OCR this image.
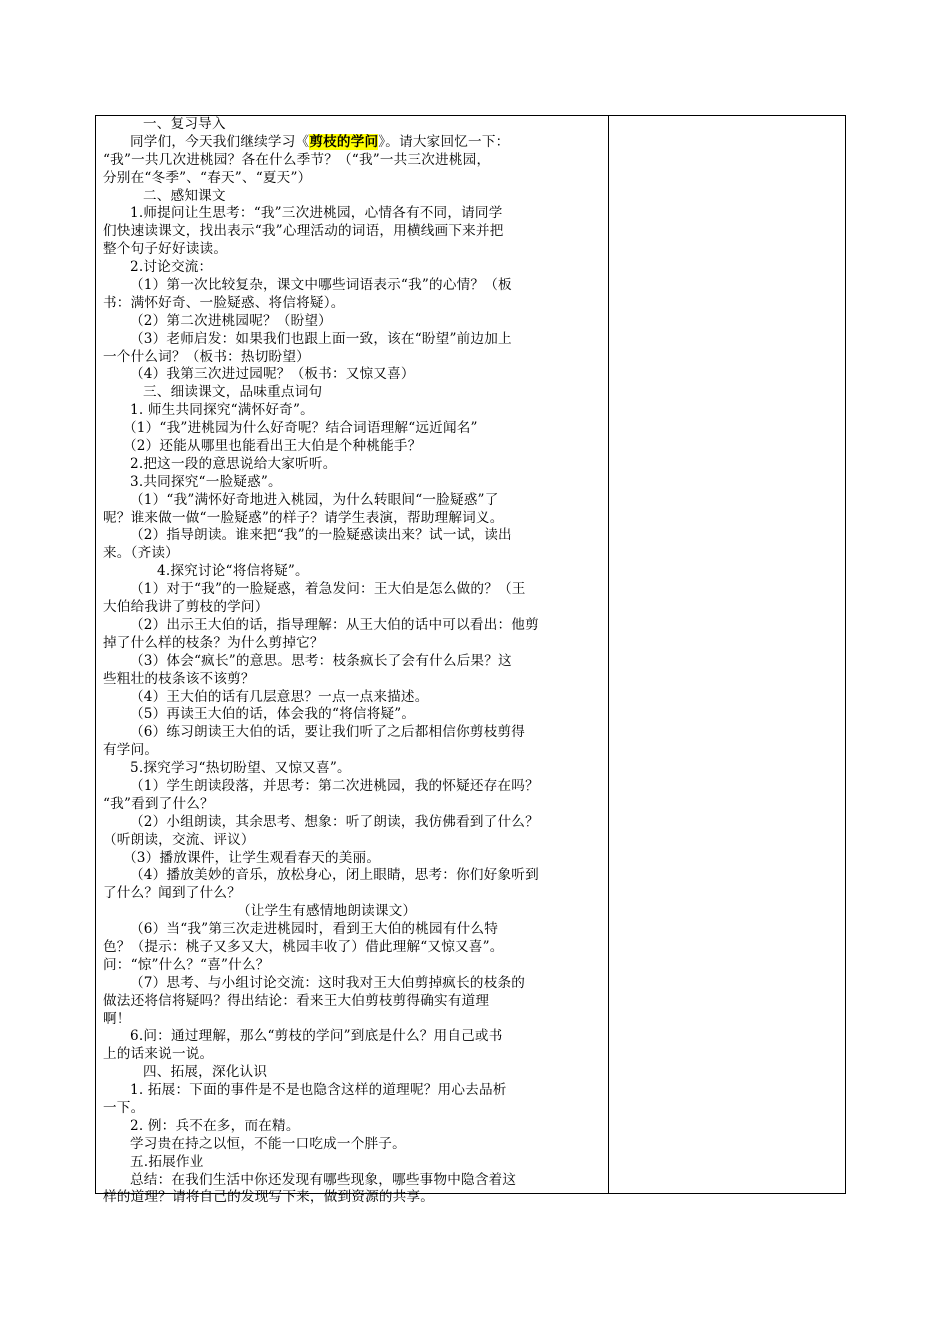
一、复习导入
同学们，今天我们继续学习《剪枝的学问》。请大家回忆一下：
“我”一共几次进桃园？各在什么季节？（“我”一共三次进桃园，
分别在“冬季”、“春天”、“夏天”）
二、感知课文
1.师提问让生思考：“我”三次进桃园，心情各有不同，请同学
们快速读课文，找出表示“我”心理活动的词语，用横线画下来并把
整个句子好好读读。
2.讨论交流：
（1）第一次比较复杂，课文中哪些词语表示“我”的心情？（板
书：满怀好奇、一脸疑惑、将信将疑）。
（2）第二次进桃园呢？（盼望）
（3）老师启发：如果我们也跟上面一致，该在“盼望”前边加上
一个什么词？（板书：热切盼望）
（4）我第三次进过园呢？（板书：又惊又喜）
三、细读课文，品味重点词句
1. 师生共同探究“满怀好奇”。
（1）“我”进桃园为什么好奇呢？结合词语理解“远近闻名”
（2）还能从哪里也能看出王大伯是个种桃能手？
2.把这一段的意思说给大家听听。
3.共同探究“一脸疑惑”。
（1）“我”满怀好奇地进入桃园，为什么转眼间“一脸疑惑”了
呢？谁来做一做“一脸疑惑”的样子？请学生表演，帮助理解词义。
（2）指导朗读。谁来把“我”的一脸疑惑读出来？试一试，读出
来。（齐读）
4.探究讨论“将信将疑”。
（1）对于“我”的一脸疑惑，着急发问：王大伯是怎么做的？（王
大伯给我讲了剪枝的学问）
（2）出示王大伯的话，指导理解：从王大伯的话中可以看出：他剪
掉了什么样的枝条？为什么剪掉它？
（3）体会“疯长”的意思。思考：枝条疯长了会有什么后果？这
些粗壮的枝条该不该剪？
（4）王大伯的话有几层意思？一点一点来描述。
（5）再读王大伯的话，体会我的“将信将疑”。
（6）练习朗读王大伯的话，要让我们听了之后都相信你剪枝剪得
有学问。
5.探究学习“热切盼望、又惊又喜”。
（1）学生朗读段落，并思考：第二次进桃园，我的怀疑还存在吗？
“我”看到了什么？
（2）小组朗读，其余思考、想象：听了朗读，我仿佛看到了什么？
（听朗读，交流、评议）
（3）播放课件，让学生观看春天的美丽。
（4）播放美妙的音乐，放松身心，闭上眼睛，思考：你们好象听到
了什么？闻到了什么？
（让学生有感情地朗读课文）
（6）当“我”第三次走进桃园时，看到王大伯的桃园有什么特
色？（提示：桃子又多又大，桃园丰收了）借此理解“又惊又喜”。
问：“惊”什么？“喜”什么？
（7）思考、与小组讨论交流：这时我对王大伯剪掉疯长的枝条的
做法还将信将疑吗？得出结论：看来王大伯剪枝剪得确实有道理
啊！
6.问：通过理解，那么“剪枝的学问”到底是什么？用自己或书
上的话来说一说。
四、拓展，深化认识
1. 拓展：下面的事件是不是也隐含这样的道理呢？用心去品析
一下。
2. 例：兵不在多，而在精。
学习贵在持之以恒，不能一口吃成一个胖子。
五.拓展作业
总结：在我们生活中你还发现有哪些现象，哪些事物中隐含着这
样的道理？请将自己的发现写下来，做到资源的共享。
